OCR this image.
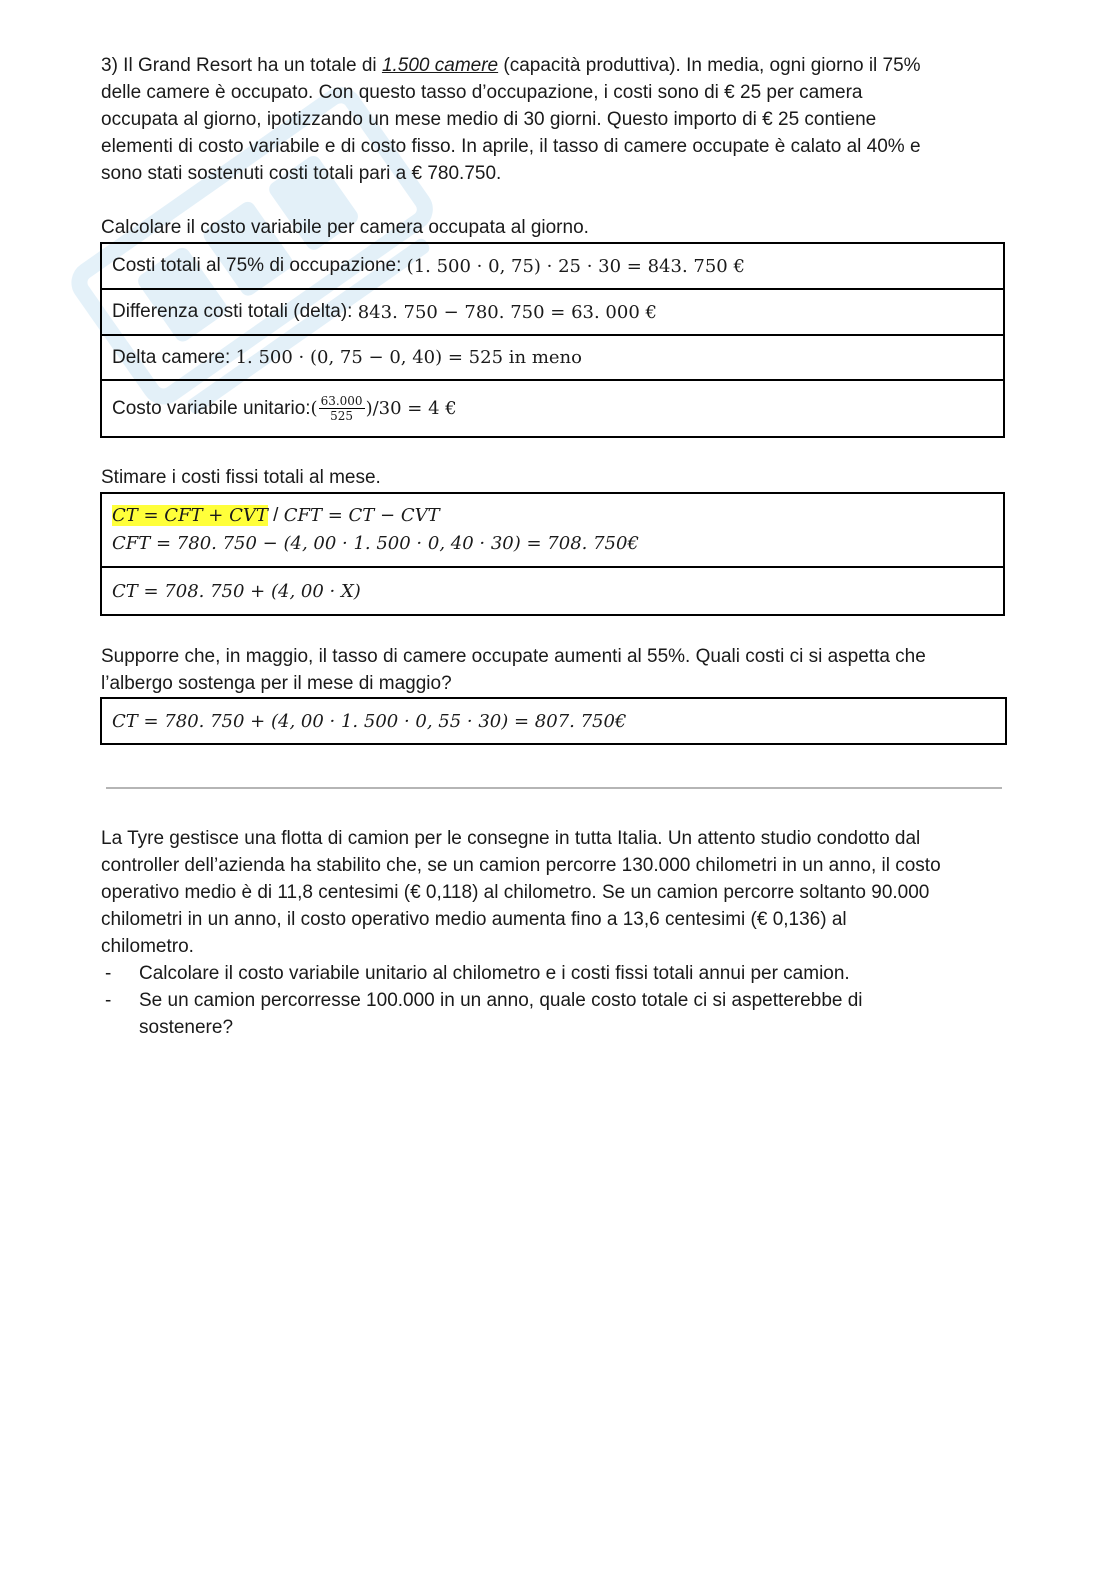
3) Il Grand Resort ha un totale di 1.500 camere (capacità produttiva). In media, ogni giorno il 75%
delle camere è occupato. Con questo tasso d’occupazione, i costi sono di € 25 per camera
occupata al giorno, ipotizzando un mese medio di 30 giorni. Questo importo di € 25 contiene
elementi di costo variabile e di costo fisso. In aprile, il tasso di camere occupate è calato al 40% e
sono stati sostenuti costi totali pari a € 780.750.

Calcolare il costo variabile per camera occupata al giorno.

Costi totali al 75% di occupazione:
(1. 500 · 0, 75) · 25 · 30 = 843. 750 €
Differenza costi totali (delta):
843. 750 − 780. 750 = 63. 000 €
Delta camere:
1. 500 · (0, 75 − 0, 40) = 525 in meno
Costo variabile unitario: ( $\frac{63.000}{525} )/30 = 4$ €

Stimare i costi fissi totali al mese.

CT = CFT + CVT / CFT = CT − CVT
CFT = 780. 750 − (4, 00 · 1. 500 · 0, 40 · 30) = 708. 750€
CT = 708. 750 + (4, 00 · X)

Supporre che, in maggio, il tasso di camere occupate aumenti al 55%. Quali costi ci si aspetta che
l’albergo sostenga per il mese di maggio?

CT = 780. 750 + (4, 00 · 1. 500 · 0, 55 · 30) = 807. 750€

La Tyre gestisce una flotta di camion per le consegne in tutta Italia. Un attento studio condotto dal
controller dell’azienda ha stabilito che, se un camion percorre 130.000 chilometri in un anno, il costo
operativo medio è di 11,8 centesimi (€ 0,118) al chilometro. Se un camion percorre soltanto 90.000
chilometri in un anno, il costo operativo medio aumenta fino a 13,6 centesimi (€ 0,136) al
chilometro.

- Calcolare il costo variabile unitario al chilometro e i costi fissi totali annui per camion.
- Se un camion percorresse 100.000 in un anno, quale costo totale ci si aspetterebbe di
sostenere?
